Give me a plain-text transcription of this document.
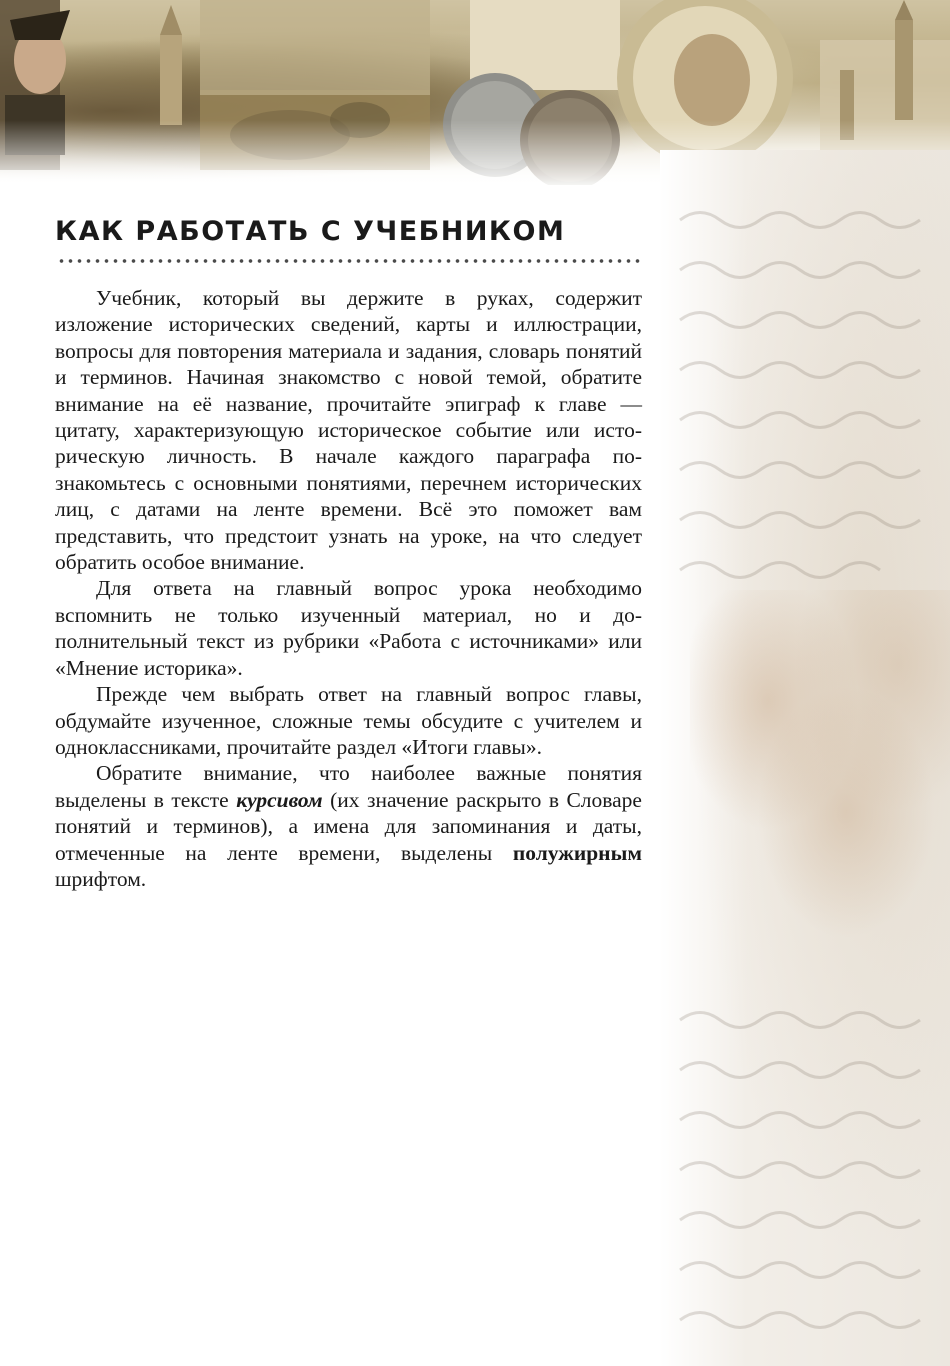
КАК РАБОТАТЬ С УЧЕБНИКОМ

Учебник, который вы держите в руках, содержит изложение исторических сведений, карты и иллюстрации, вопросы для повторения материала и задания, словарь понятий и терминов. Начиная знакомство с новой темой, обратите внимание на её название, прочитайте эпиграф к главе — цитату, характеризующую историческое событие или историческую личность. В начале каждого параграфа познакомьтесь с основными понятиями, перечнем исторических лиц, с датами на ленте времени. Всё это поможет вам представить, что предстоит узнать на уроке, на что следует обратить особое внимание.

Для ответа на главный вопрос урока необходимо вспомнить не только изученный материал, но и дополнительный текст из рубрики «Работа с источниками» или «Мнение историка».

Прежде чем выбрать ответ на главный вопрос главы, обдумайте изученное, сложные темы обсудите с учителем и одноклассниками, прочитайте раздел «Итоги главы».

Обратите внимание, что наиболее важные понятия выделены в тексте курсивом (их значение раскрыто в Словаре понятий и терминов), а имена для запоминания и даты, отмеченные на ленте времени, выделены полужирным шрифтом.
